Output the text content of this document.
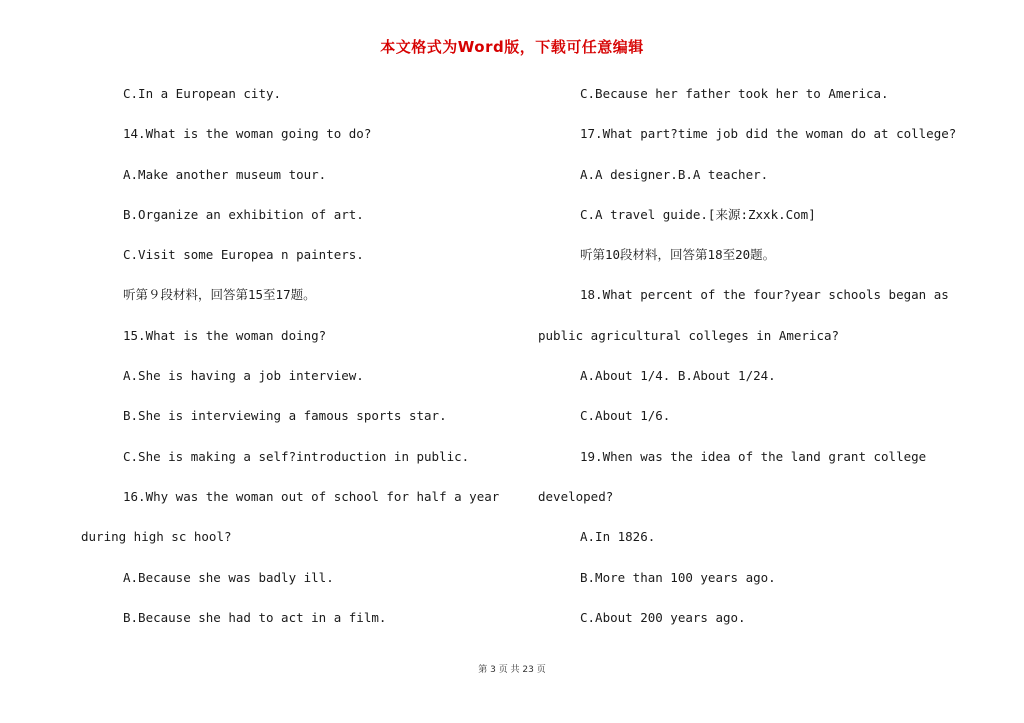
本文格式为Word版，下载可任意编辑
C.In a European city.
14.What is the woman going to do?
A.Make another museum tour.
B.Organize an exhibition of art.
C.Visit some Europea n painters.
听第９段材料，回答第15至17题。
15.What is the woman doing?
A.She is having a job interview.
B.She is interviewing a famous sports star.
C.She is making a self?introduction in public.
16.Why was the woman out of school for half a year
during high sc hool?
A.Because she was badly ill.
B.Because she had to act in a film.
C.Because her father took her to America.
17.What part?time job did the woman do at college?
A.A designer.B.A teacher.
C.A travel guide.[来源:Zxxk.Com]
听第10段材料，回答第18至20题。
18.What percent of the four?year schools began as
public agricultural colleges in America?
A.About 1/4. B.About 1/24.
C.About 1/6.
19.When was the idea of the land grant college
developed?
A.In 1826.
B.More than 100 years ago.
C.About 200 years ago.
第 3 页 共 23 页
